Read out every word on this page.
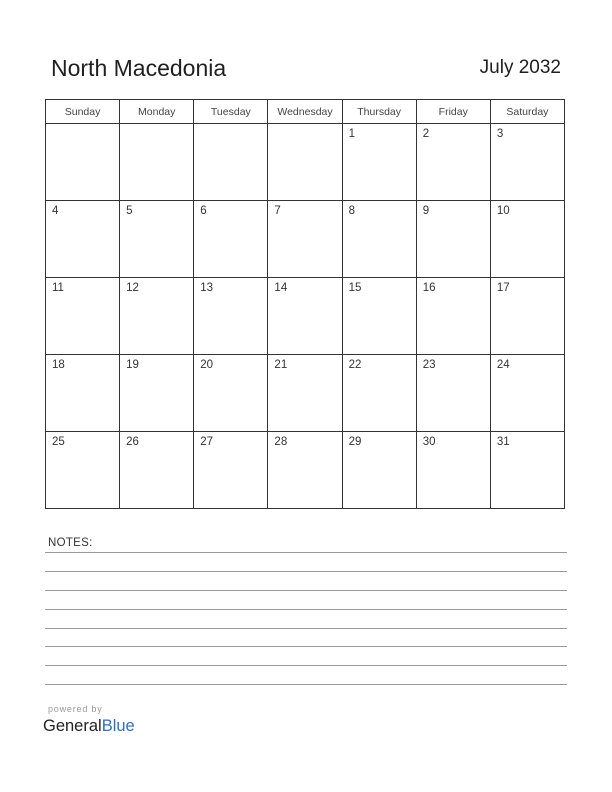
North Macedonia	July 2032
Sunday	Monday	Tuesday	Wednesday	Thursday	Friday	Saturday

				1	2	3

4	5	6	7	8	9	10

11	12	13	14	15	16	17

18	19	20	21	22	23	24

25	26	27	28	29	30	31
NOTES:
powered by
GeneralBlue
